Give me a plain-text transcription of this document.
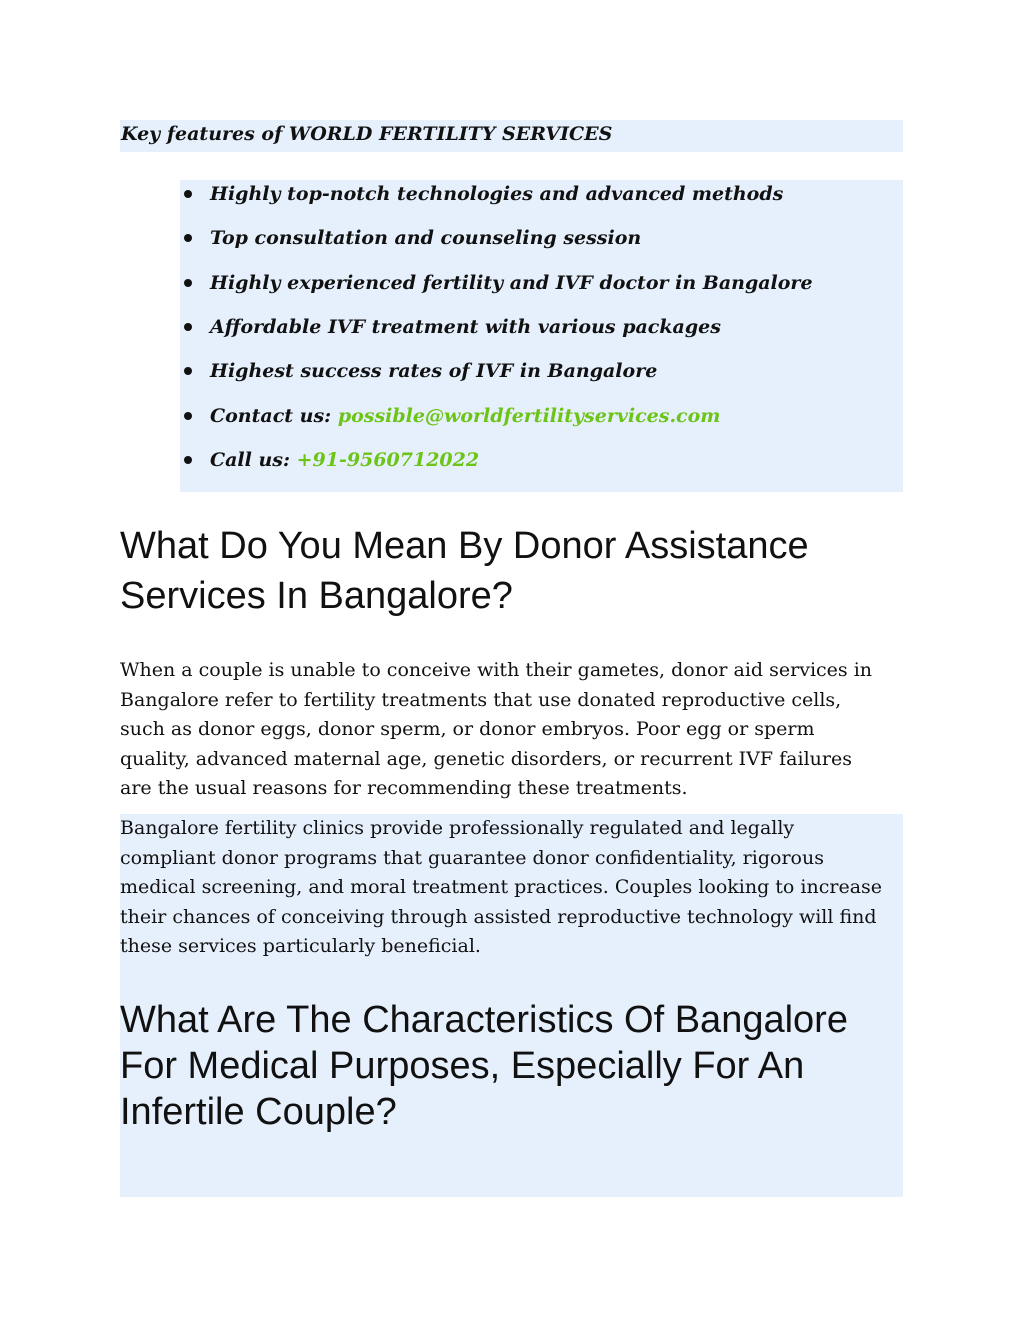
Key features of WORLD FERTILITY SERVICES
Highly top-notch technologies and advanced methods
Top consultation and counseling session
Highly experienced fertility and IVF doctor in Bangalore
Affordable IVF treatment with various packages
Highest success rates of IVF in Bangalore
Contact us: possible@worldfertilityservices.com
Call us: +91-9560712022
What Do You Mean By Donor Assistance
Services In Bangalore?

When a couple is unable to conceive with their gametes, donor aid services in
Bangalore refer to fertility treatments that use donated reproductive cells,
such as donor eggs, donor sperm, or donor embryos. Poor egg or sperm
quality, advanced maternal age, genetic disorders, or recurrent IVF failures
are the usual reasons for recommending these treatments.

Bangalore fertility clinics provide professionally regulated and legally
compliant donor programs that guarantee donor confidentiality, rigorous
medical screening, and moral treatment practices. Couples looking to increase
their chances of conceiving through assisted reproductive technology will find
these services particularly beneficial.

What Are The Characteristics Of Bangalore
For Medical Purposes, Especially For An
Infertile Couple?
